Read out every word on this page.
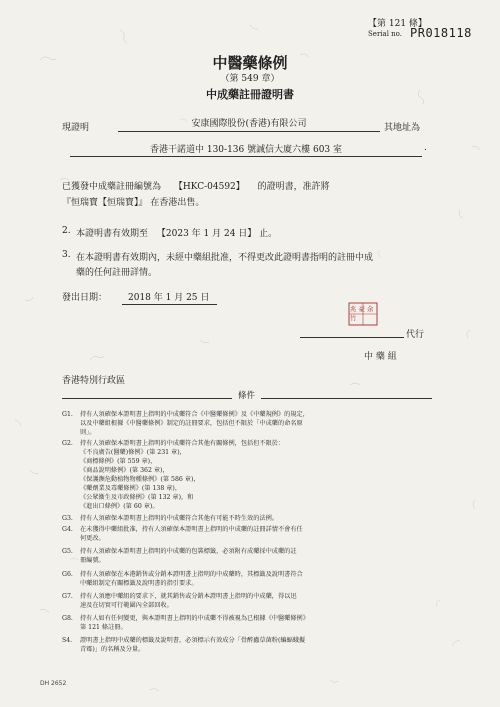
【第 121 條】
Serial no. PR018118
中醫藥條例
（第 549 章）
中成藥註冊證明書
現證明	安康國際股份(香港)有限公司	其地址為
香港干諾道中 130-136 號誠信大廈六樓 603 室	.
已獲發中成藥註冊編號為 【HKC-04592】 的證明書，准許將
『恒瑞寶【恒瑞寶】』 在香港出售。
2. 本證明書有效期至 【2023 年 1 月 24 日】 止。
3. 在本證明書有效期內，未經中藥組批准，不得更改此證明書指明的註冊中成
藥的任何註冊詳情。
發出日期：	2018 年 1 月 25 日
兆豪余竹
代行
中 藥 組
香港特別行政區
條件
G1. 持有人須確保本證明書上指明的中成藥符合《中醫藥條例》及《中藥規例》的規定，
以及中藥組根據《中醫藥條例》制定的註冊要求，包括但不限於「中成藥的命名原
則」。
G2. 持有人須確保本證明書上指明的中成藥符合其他有關條例，包括但不限於：
《不良廣告(醫藥)條例》(第 231 章)，
《商標條例》(第 559 章)，
《商品說明條例》(第 362 章)，
《保護瀕危動植物物種條例》(第 586 章)，
《藥劑業及毒藥條例》(第 138 章)，
《公眾衞生及市政條例》(第 132 章)，和
《進出口條例》(第 60 章)。
G3. 持有人須確保本證明書上指明的中成藥符合其他有可能不時生效的法例。
G4. 在未獲得中藥組批准，持有人須確保本證明書上指明的中成藥的註冊詳情不會有任
何更改。
G5. 持有人須確保本證明書上指明的中成藥的包裝標籤，必須附有成藥採中成藥的註
冊編號。
G6. 持有人須確保在本港銷售或分銷本證明書上指明的中成藥時，其標籤及說明書符合
中藥組制定有關標籤及說明書的指引要求。
G7. 持有人須應中藥組的要求下，就其銷售或分銷本證明書上指明的中成藥，得以迅
速及在切實可行範圍內全部回收。
G8. 持有人如有任何變更，與本證明書上指明的中成藥不得被視為已根據《中醫藥條例》
第 121 條註冊。
S4. 證明書上指明中成藥的標籤及說明書，必須標示有效成分「骨醉蟲草菌粉(蝙蝠蛾擬
青霉)」的名稱及分量。
DH 2652
